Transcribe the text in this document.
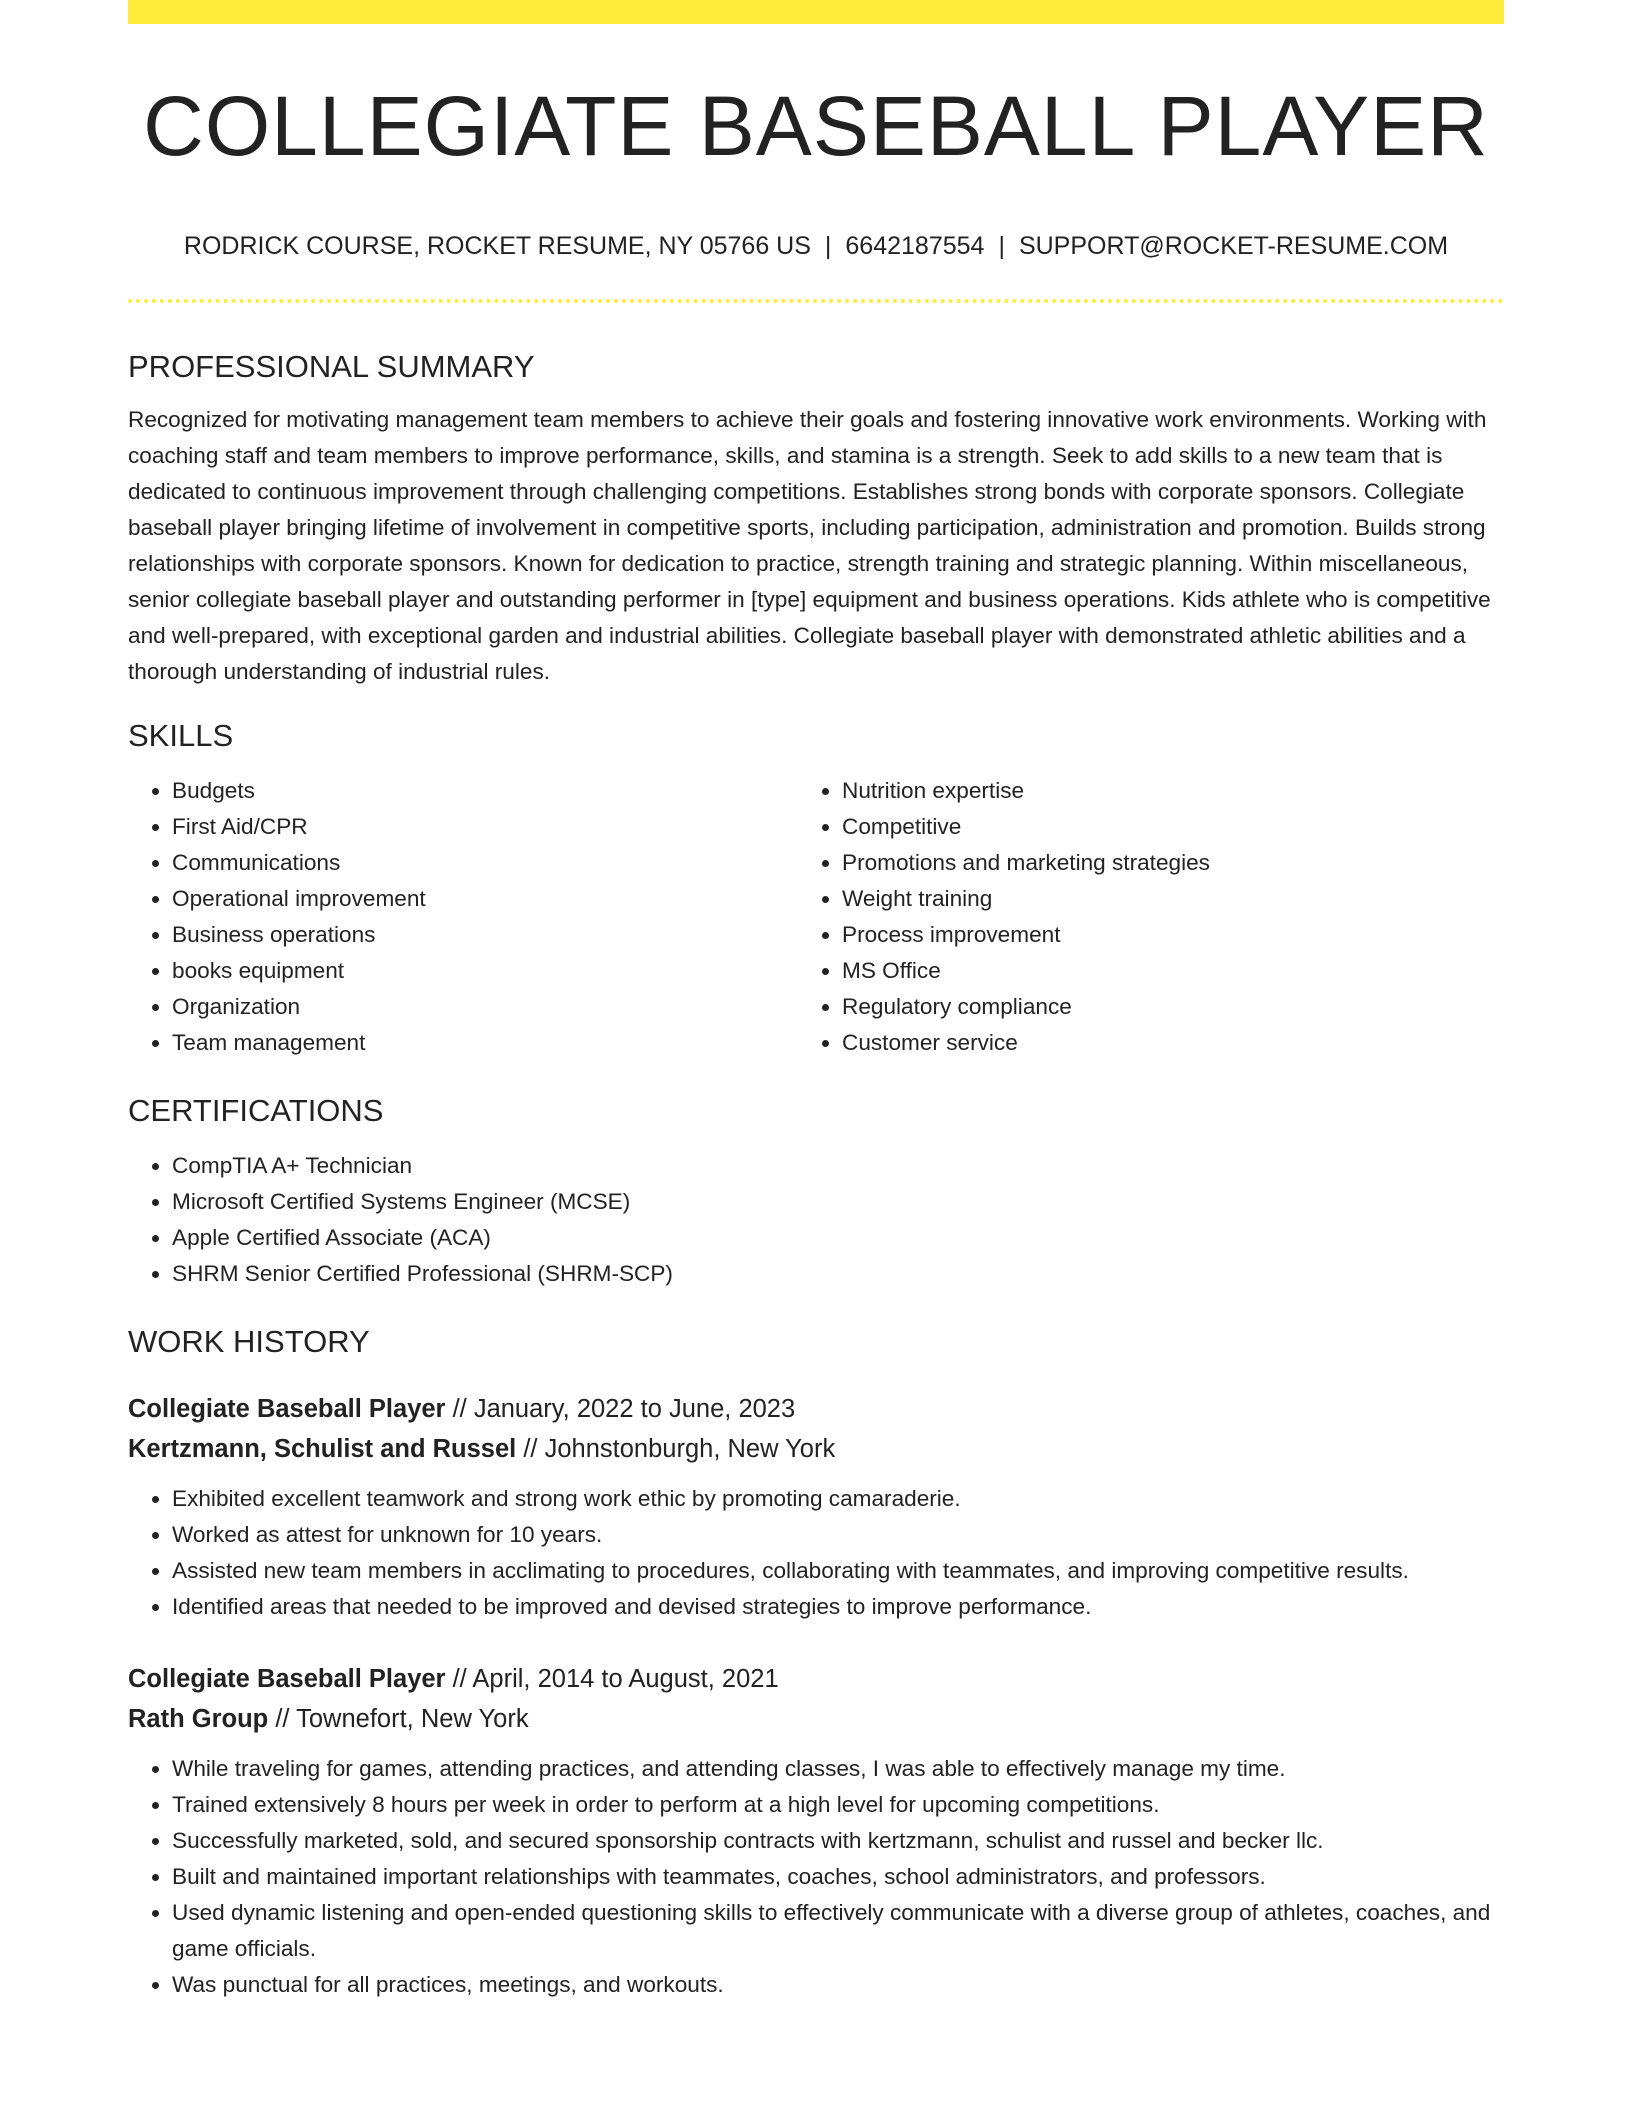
COLLEGIATE BASEBALL PLAYER
RODRICK COURSE, ROCKET RESUME, NY 05766 US | 6642187554 | SUPPORT@ROCKET-RESUME.COM
PROFESSIONAL SUMMARY

Recognized for motivating management team members to achieve their goals and fostering innovative work environments. Working with coaching staff and team members to improve performance, skills, and stamina is a strength. Seek to add skills to a new team that is dedicated to continuous improvement through challenging competitions. Establishes strong bonds with corporate sponsors. Collegiate baseball player bringing lifetime of involvement in competitive sports, including participation, administration and promotion. Builds strong relationships with corporate sponsors. Known for dedication to practice, strength training and strategic planning. Within miscellaneous, senior collegiate baseball player and outstanding performer in [type] equipment and business operations. Kids athlete who is competitive and well-prepared, with exceptional garden and industrial abilities. Collegiate baseball player with demonstrated athletic abilities and a thorough understanding of industrial rules.

SKILLS
• Budgets
• First Aid/CPR
• Communications
• Operational improvement
• Business operations
• books equipment
• Organization
• Team management
• Nutrition expertise
• Competitive
• Promotions and marketing strategies
• Weight training
• Process improvement
• MS Office
• Regulatory compliance
• Customer service
CERTIFICATIONS
• CompTIA A+ Technician
• Microsoft Certified Systems Engineer (MCSE)
• Apple Certified Associate (ACA)
• SHRM Senior Certified Professional (SHRM-SCP)
WORK HISTORY
Collegiate Baseball Player // January, 2022 to June, 2023
Kertzmann, Schulist and Russel // Johnstonburgh, New York
• Exhibited excellent teamwork and strong work ethic by promoting camaraderie.
• Worked as attest for unknown for 10 years.
• Assisted new team members in acclimating to procedures, collaborating with teammates, and improving competitive results.
• Identified areas that needed to be improved and devised strategies to improve performance.
Collegiate Baseball Player // April, 2014 to August, 2021
Rath Group // Townefort, New York
• While traveling for games, attending practices, and attending classes, I was able to effectively manage my time.
• Trained extensively 8 hours per week in order to perform at a high level for upcoming competitions.
• Successfully marketed, sold, and secured sponsorship contracts with kertzmann, schulist and russel and becker llc.
• Built and maintained important relationships with teammates, coaches, school administrators, and professors.
• Used dynamic listening and open-ended questioning skills to effectively communicate with a diverse group of athletes, coaches, and game officials.
• Was punctual for all practices, meetings, and workouts.
